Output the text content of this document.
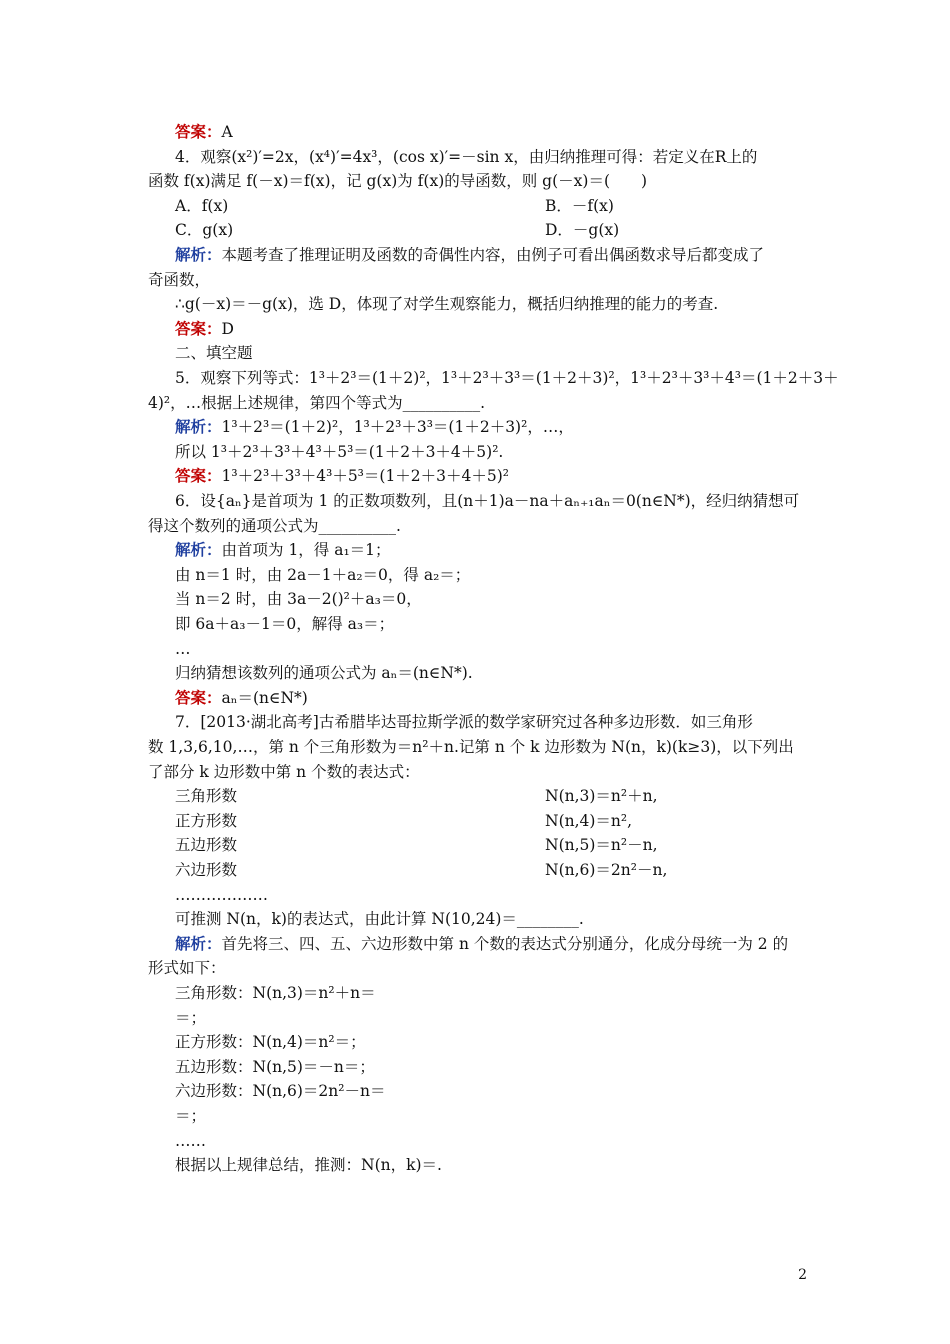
答案：A
4．观察(x²)′=2x，(x⁴)′=4x³，(cos x)′=－sin x，由归纳推理可得：若定义在R上的
函数 f(x)满足 f(－x)＝f(x)，记 g(x)为 f(x)的导函数，则 g(－x)＝(　　)
A．f(x)	B．－f(x)
C．g(x)	D．－g(x)
解析：本题考查了推理证明及函数的奇偶性内容，由例子可看出偶函数求导后都变成了
奇函数，
∴g(－x)＝－g(x)，选 D，体现了对学生观察能力，概括归纳推理的能力的考查.
答案：D
二、填空题
5．观察下列等式：1³＋2³＝(1＋2)²，1³＋2³＋3³＝(1＋2＋3)²，1³＋2³＋3³＋4³＝(1＋2＋3＋
4)²，…根据上述规律，第四个等式为__________.
解析：1³＋2³＝(1＋2)²，1³＋2³＋3³＝(1＋2＋3)²，…，
所以 1³＋2³＋3³＋4³＋5³＝(1＋2＋3＋4＋5)².
答案：1³＋2³＋3³＋4³＋5³＝(1＋2＋3＋4＋5)²
6．设{aₙ}是首项为 1 的正数项数列，且(n＋1)a－na＋aₙ₊₁aₙ＝0(n∈N*)，经归纳猜想可
得这个数列的通项公式为__________.
解析：由首项为 1，得 a₁＝1；
由 n＝1 时，由 2a－1＋a₂＝0，得 a₂＝；
当 n＝2 时，由 3a－2()²＋a₃＝0，
即 6a＋a₃－1＝0，解得 a₃＝；
…
归纳猜想该数列的通项公式为 aₙ＝(n∈N*).
答案：aₙ＝(n∈N*)
7．[2013·湖北高考]古希腊毕达哥拉斯学派的数学家研究过各种多边形数．如三角形
数 1,3,6,10,…，第 n 个三角形数为＝n²＋n.记第 n 个 k 边形数为 N(n，k)(k≥3)，以下列出
了部分 k 边形数中第 n 个数的表达式：
三角形数	N(n,3)＝n²＋n,
正方形数	N(n,4)＝n²,
五边形数	N(n,5)＝n²－n,
六边形数	N(n,6)＝2n²－n,
………………
可推测 N(n，k)的表达式，由此计算 N(10,24)＝________.
解析：首先将三、四、五、六边形数中第 n 个数的表达式分别通分，化成分母统一为 2 的
形式如下：
三角形数：N(n,3)＝n²＋n＝
＝；
正方形数：N(n,4)＝n²＝；
五边形数：N(n,5)＝－n＝；
六边形数：N(n,6)＝2n²－n＝
＝；
……
根据以上规律总结，推测：N(n，k)＝.
2
